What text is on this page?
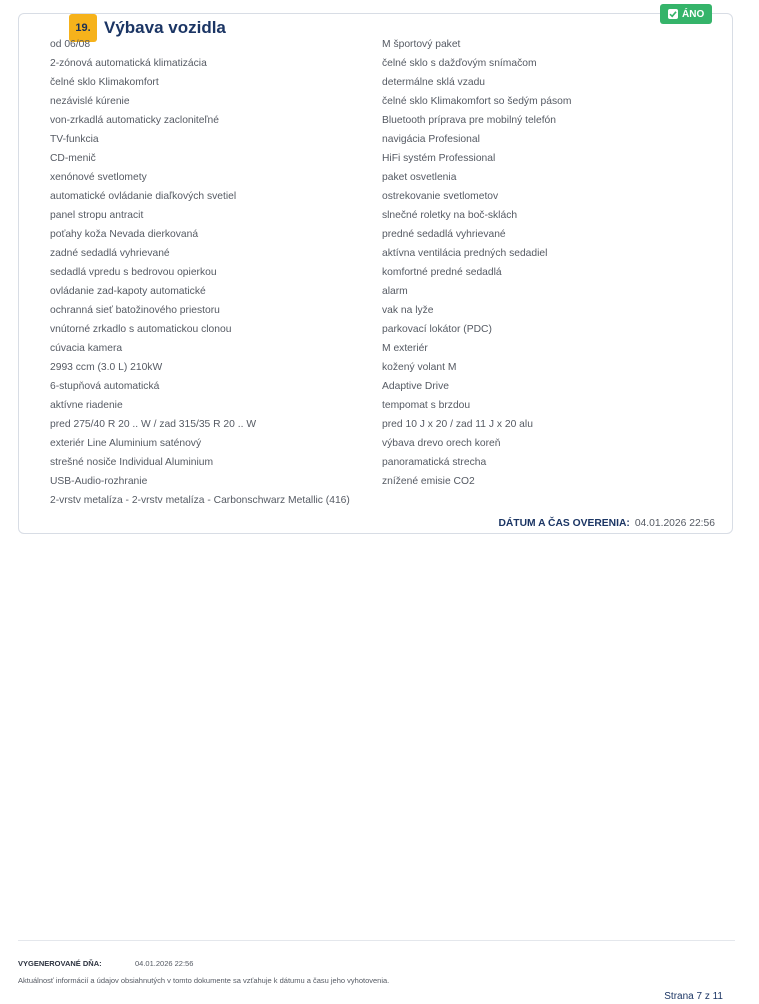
19. Výbava vozidla
ÁNO
od 06/08
2-zónová automatická klimatizácia
čelné sklo Klimakomfort
nezávislé kúrenie
von-zrkadlá automaticky zacloniteľné
TV-funkcia
CD-menič
xenónové svetlomety
automatické ovládanie diaľkových svetiel
panel stropu antracit
poťahy koža Nevada dierkovaná
zadné sedadlá vyhrievané
sedadlá vpredu s bedrovou opierkou
ovládanie zad-kapoty automatické
ochranná sieť batožinového priestoru
vnútorné zrkadlo s automatickou clonou
cúvacia kamera
2993 ccm (3.0 L) 210kW
6-stupňová automatická
aktívne riadenie
pred 275/40 R 20 .. W / zad 315/35 R 20 .. W
exteriér Line Aluminium saténový
strešné nosiče Individual Aluminium
USB-Audio-rozhranie
2-vrstv metalíza - 2-vrstv metalíza - Carbonschwarz Metallic (416)
M športový paket
čelné sklo s dažďovým snímačom
determálne sklá vzadu
čelné sklo Klimakomfort so šedým pásom
Bluetooth príprava pre mobilný telefón
navigácia Profesional
HiFi systém Professional
paket osvetlenia
ostrekovanie svetlometov
slnečné roletky na boč-sklách
predné sedadlá vyhrievané
aktívna ventilácia predných sedadiel
komfortné predné sedadlá
alarm
vak na lyže
parkovací lokátor (PDC)
M exteriér
kožený volant M
Adaptive Drive
tempomat s brzdou
pred 10 J x 20 / zad 11 J x 20 alu
výbava drevo orech koreň
panoramatická strecha
znížené emisie CO2
DÁTUM A ČAS OVERENIA: 04.01.2026 22:56
VYGENEROVANÉ DŇA:	04.01.2026 22:56
Aktuálnosť informácií a údajov obsiahnutých v tomto dokumente sa vzťahuje k dátumu a času jeho vyhotovenia.
Strana 7 z 11
